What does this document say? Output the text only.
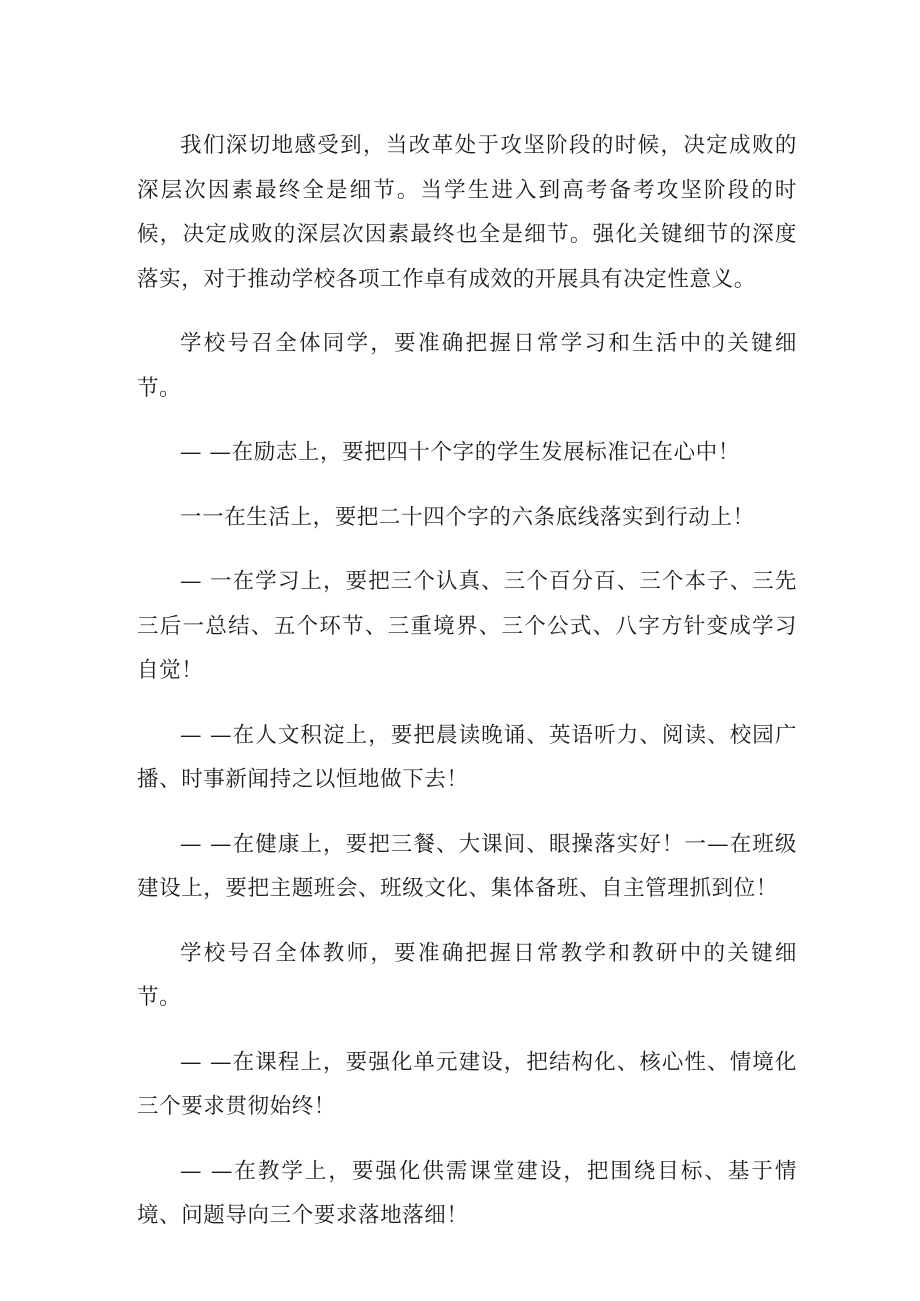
我们深切地感受到，当改革处于攻坚阶段的时候，决定成败的深层次因素最终全是细节。当学生进入到高考备考攻坚阶段的时候，决定成败的深层次因素最终也全是细节。强化关键细节的深度落实，对于推动学校各项工作卓有成效的开展具有决定性意义。

学校号召全体同学，要准确把握日常学习和生活中的关键细节。

— —在励志上，要把四十个字的学生发展标准记在心中！

一一在生活上，要把二十四个字的六条底线落实到行动上！

— 一在学习上，要把三个认真、三个百分百、三个本子、三先三后一总结、五个环节、三重境界、三个公式、八字方针变成学习自觉！

— —在人文积淀上，要把晨读晚诵、英语听力、阅读、校园广播、时事新闻持之以恒地做下去！

— —在健康上，要把三餐、大课间、眼操落实好！一—在班级建设上，要把主题班会、班级文化、集体备班、自主管理抓到位！

学校号召全体教师，要准确把握日常教学和教研中的关键细节。

— —在课程上，要强化单元建设，把结构化、核心性、情境化三个要求贯彻始终！

— —在教学上，要强化供需课堂建设，把围绕目标、基于情境、问题导向三个要求落地落细！
